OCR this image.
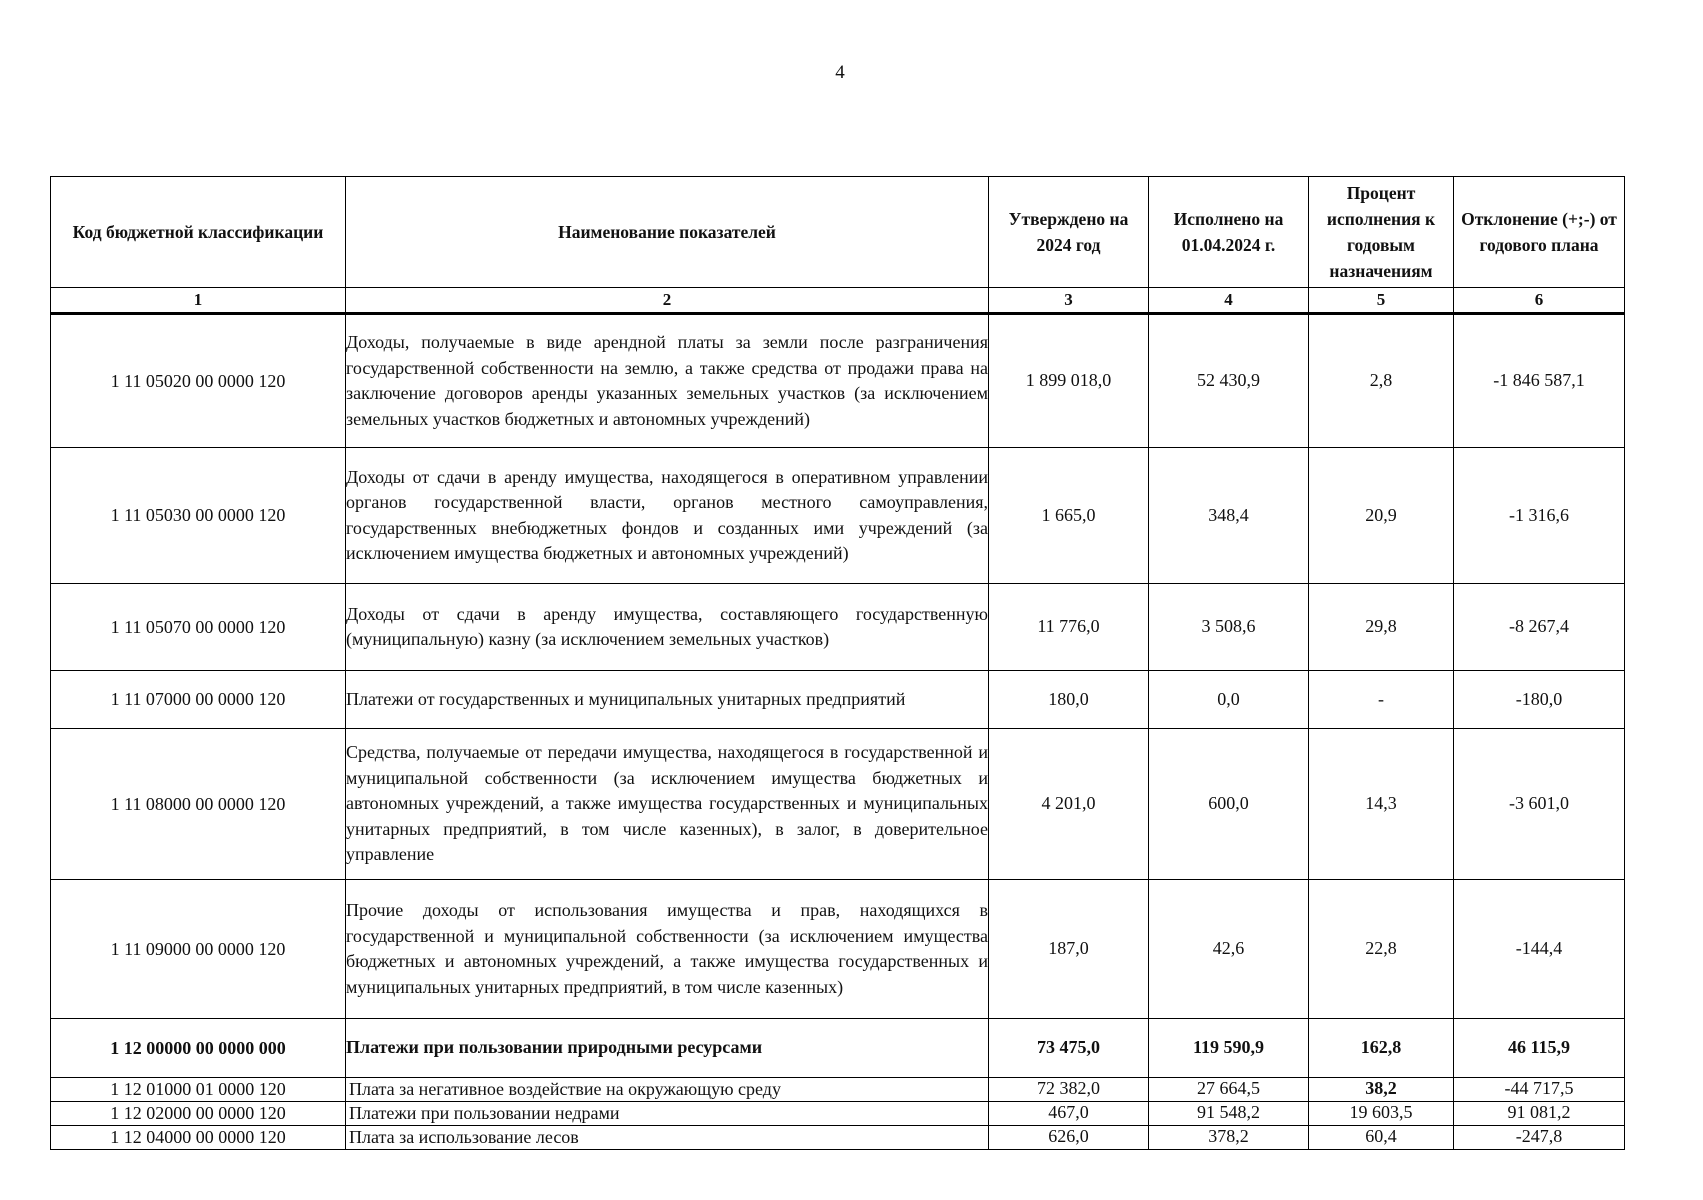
4
Код бюджетной классификации	Наименование показателей	Утверждено на 2024 год	Исполнено на 01.04.2024 г.	Процент исполнения к годовым назначениям	Отклонение (+;-) от годового плана
1	2	3	4	5	6
1 11 05020 00 0000 120	Доходы, получаемые в виде арендной платы за земли после разграничения государственной собственности на землю, а также средства от продажи права на заключение договоров аренды указанных земельных участков (за исключением земельных участков бюджетных и автономных учреждений)	1 899 018,0	52 430,9	2,8	-1 846 587,1
1 11 05030 00 0000 120	Доходы от сдачи в аренду имущества, находящегося в оперативном управлении органов государственной власти, органов местного самоуправления, государственных внебюджетных фондов и созданных ими учреждений (за исключением имущества бюджетных и автономных учреждений)	1 665,0	348,4	20,9	-1 316,6
1 11 05070 00 0000 120	Доходы от сдачи в аренду имущества, составляющего государственную (муниципальную) казну (за исключением земельных участков)	11 776,0	3 508,6	29,8	-8 267,4
1 11 07000 00 0000 120	Платежи от государственных и муниципальных унитарных предприятий	180,0	0,0	-	-180,0
1 11 08000 00 0000 120	Средства, получаемые от передачи имущества, находящегося в государственной и муниципальной собственности (за исключением имущества бюджетных и автономных учреждений, а также имущества государственных и муниципальных унитарных предприятий, в том числе казенных), в залог, в доверительное управление	4 201,0	600,0	14,3	-3 601,0
1 11 09000 00 0000 120	Прочие доходы от использования имущества и прав, находящихся в государственной и муниципальной собственности (за исключением имущества бюджетных и автономных учреждений, а также имущества государственных и муниципальных унитарных предприятий, в том числе казенных)	187,0	42,6	22,8	-144,4
1 12 00000 00 0000 000	Платежи при пользовании природными ресурсами	73 475,0	119 590,9	162,8	46 115,9
1 12 01000 01 0000 120	Плата за негативное воздействие на окружающую среду	72 382,0	27 664,5	38,2	-44 717,5
1 12 02000 00 0000 120	Платежи при пользовании недрами	467,0	91 548,2	19 603,5	91 081,2
1 12 04000 00 0000 120	Плата за использование лесов	626,0	378,2	60,4	-247,8
